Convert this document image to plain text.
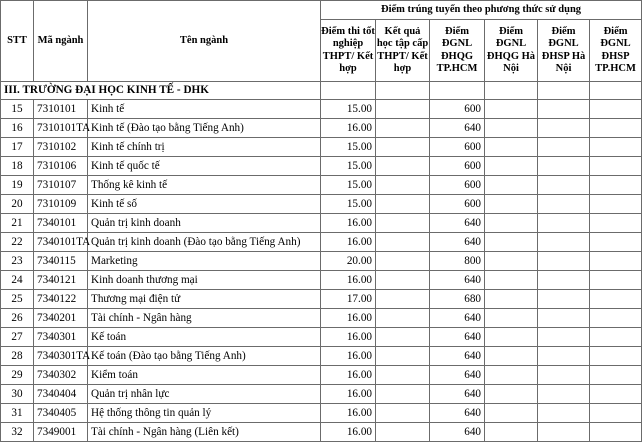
STT	Mã ngành	Tên ngành	Điểm trúng tuyển theo phương thức sử dụng					
			Điểm thi tốt nghiệp THPT/ Kết hợp	Kết quả học tập cấp THPT/ Kết hợp	Điểm ĐGNL ĐHQG TP.HCM	Điểm ĐGNL ĐHQG Hà Nội	Điểm ĐGNL ĐHSP Hà Nội	Điểm ĐGNL ĐHSP TP.HCM
III. TRƯỜNG ĐẠI HỌC KINH TẾ - DHK								
15	7310101	Kinh tế	15.00		600			
16	7310101TA	Kinh tế (Đào tạo bằng Tiếng Anh)	16.00		640			
17	7310102	Kinh tế chính trị	15.00		600			
18	7310106	Kinh tế quốc tế	15.00		600			
19	7310107	Thống kê kinh tế	15.00		600			
20	7310109	Kinh tế số	15.00		600			
21	7340101	Quản trị kinh doanh	16.00		640			
22	7340101TA	Quản trị kinh doanh (Đào tạo bằng Tiếng Anh)	16.00		640			
23	7340115	Marketing	20.00		800			
24	7340121	Kinh doanh thương mại	16.00		640			
25	7340122	Thương mại điện tử	17.00		680			
26	7340201	Tài chính - Ngân hàng	16.00		640			
27	7340301	Kế toán	16.00		640			
28	7340301TA	Kế toán (Đào tạo bằng Tiếng Anh)	16.00		640			
29	7340302	Kiểm toán	16.00		640			
30	7340404	Quản trị nhân lực	16.00		640			
31	7340405	Hệ thống thông tin quản lý	16.00		640			
32	7349001	Tài chính - Ngân hàng (Liên kết)	16.00		640			
